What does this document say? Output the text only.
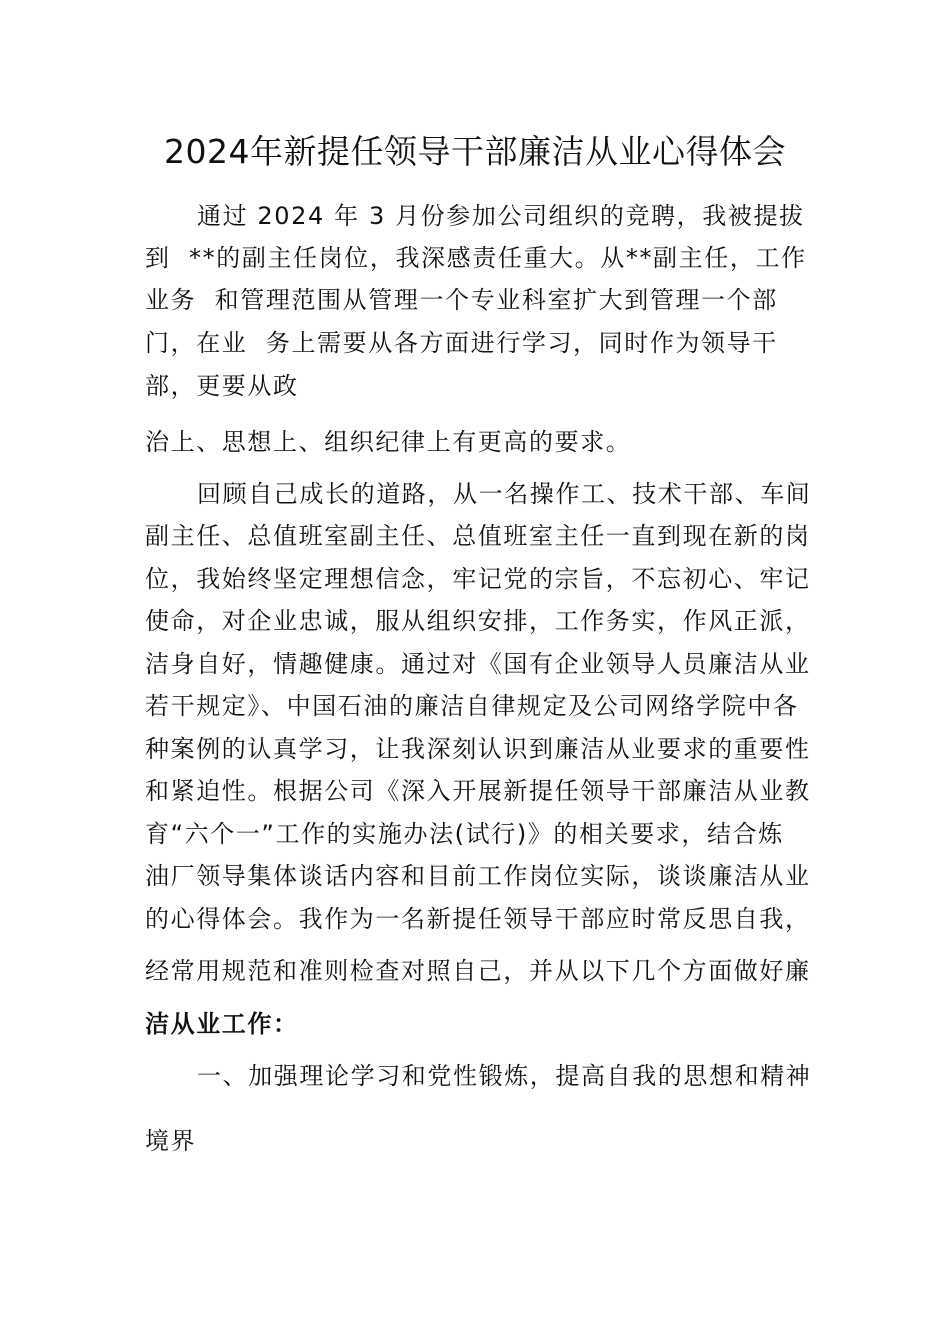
2024年新提任领导干部廉洁从业心得体会
通过 2024 年 3 月份参加公司组织的竞聘，我被提拔
到  **的副主任岗位，我深感责任重大。从**副主任，工作
业务  和管理范围从管理一个专业科室扩大到管理一个部
门，在业  务上需要从各方面进行学习，同时作为领导干
部，更要从政
治上、思想上、组织纪律上有更高的要求。
回顾自己成长的道路，从一名操作工、技术干部、车间
副主任、总值班室副主任、总值班室主任一直到现在新的岗
位，我始终坚定理想信念，牢记党的宗旨，不忘初心、牢记
使命，对企业忠诚，服从组织安排，工作务实，作风正派，
洁身自好，情趣健康。通过对《国有企业领导人员廉洁从业
若干规定》、中国石油的廉洁自律规定及公司网络学院中各
种案例的认真学习，让我深刻认识到廉洁从业要求的重要性
和紧迫性。根据公司《深入开展新提任领导干部廉洁从业教
育“六个一”工作的实施办法(试行)》的相关要求，结合炼
油厂领导集体谈话内容和目前工作岗位实际，谈谈廉洁从业
的心得体会。我作为一名新提任领导干部应时常反思自我，
经常用规范和准则检查对照自己，并从以下几个方面做好廉
洁从业工作：
一、加强理论学习和党性锻炼，提高自我的思想和精神
境界
